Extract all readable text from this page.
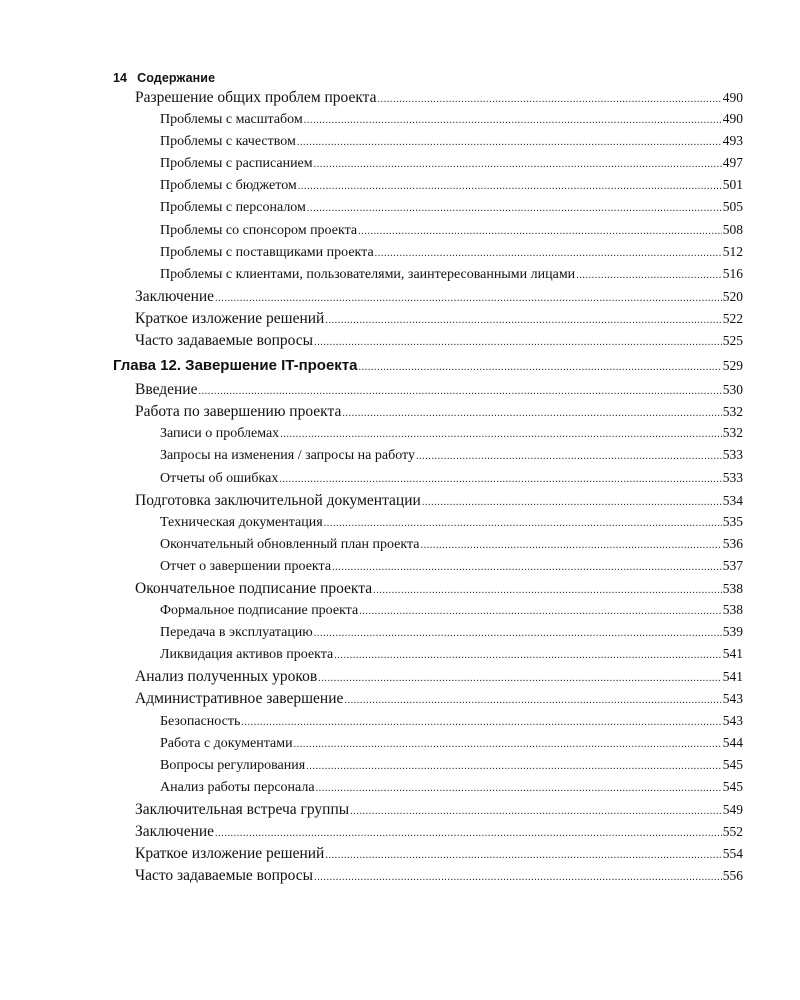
14 Содержание
Разрешение общих проблем проекта .....	490
Проблемы с масштабом .....	490
Проблемы с качеством .....	493
Проблемы с расписанием .....	497
Проблемы с бюджетом .....	501
Проблемы с персоналом .....	505
Проблемы со спонсором проекта .....	508
Проблемы с поставщиками проекта .....	512
Проблемы с клиентами, пользователями, заинтересованными лицами .....	516
Заключение .....	520
Краткое изложение решений .....	522
Часто задаваемые вопросы .....	525
Глава 12. Завершение IT-проекта .....	529
Введение .....	530
Работа по завершению проекта .....	532
Записи о проблемах .....	532
Запросы на изменения / запросы на работу .....	533
Отчеты об ошибках .....	533
Подготовка заключительной документации .....	534
Техническая документация .....	535
Окончательный обновленный план проекта .....	536
Отчет о завершении проекта .....	537
Окончательное подписание проекта .....	538
Формальное подписание проекта .....	538
Передача в эксплуатацию .....	539
Ликвидация активов проекта .....	541
Анализ полученных уроков .....	541
Административное завершение .....	543
Безопасность .....	543
Работа с документами .....	544
Вопросы регулирования .....	545
Анализ работы персонала .....	545
Заключительная встреча группы .....	549
Заключение .....	552
Краткое изложение решений .....	554
Часто задаваемые вопросы .....	556
